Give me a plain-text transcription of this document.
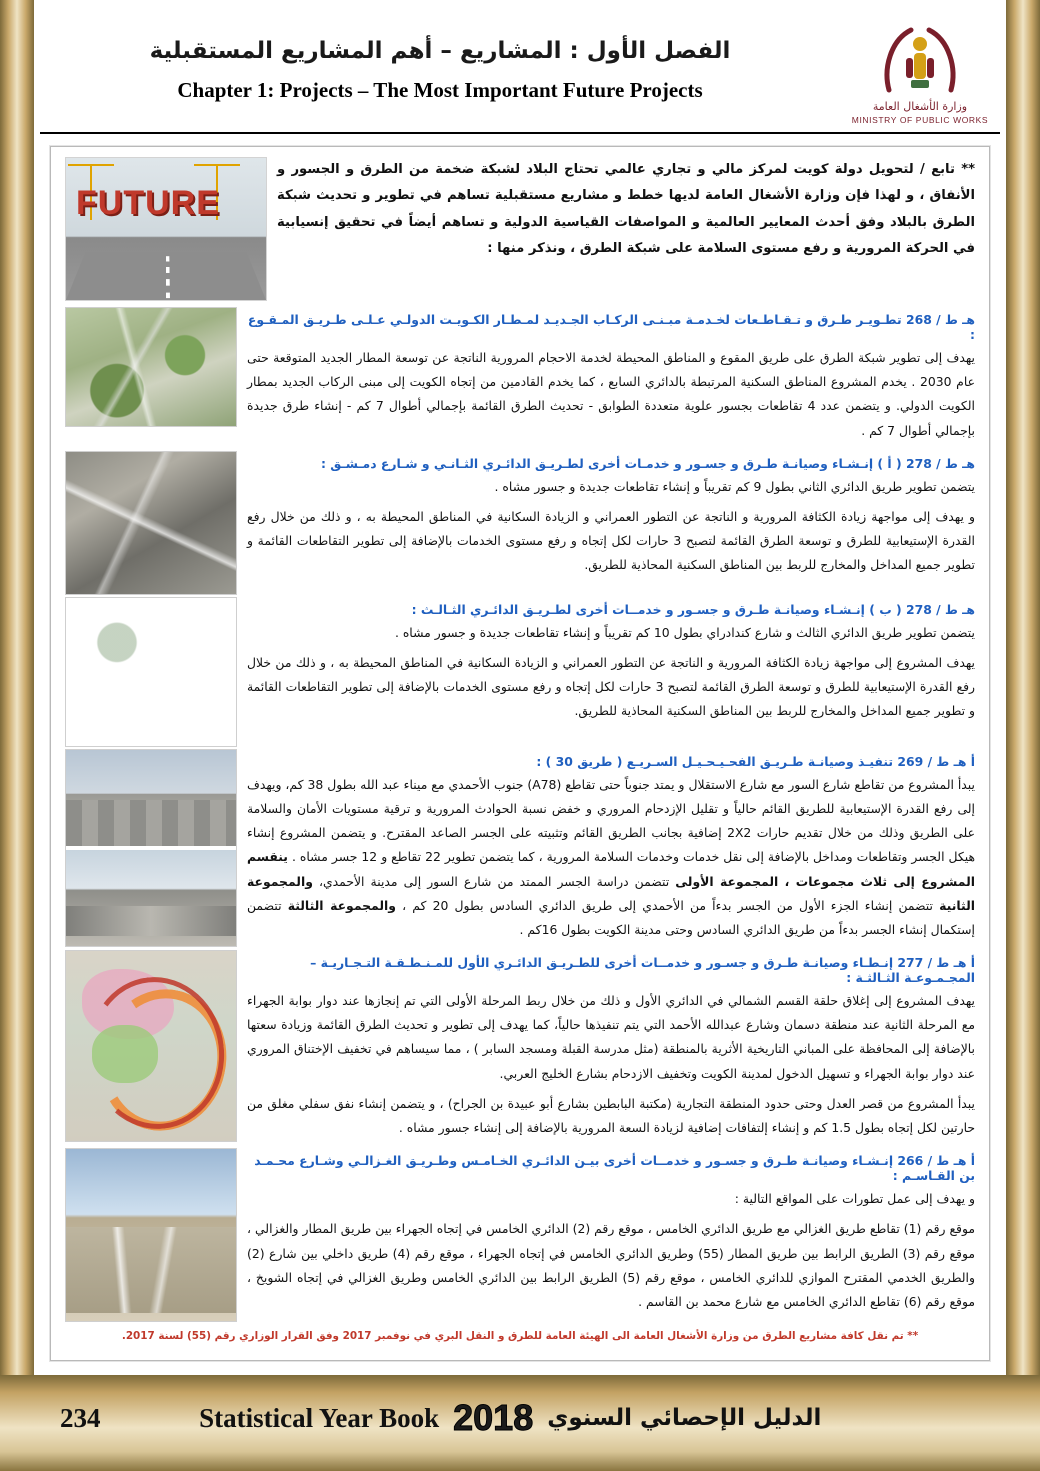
الفصل الأول : المشاريع – أهم المشاريع المستقبلية
Chapter 1: Projects – The Most Important Future Projects
وزارة الأشغال العامة
MINISTRY OF PUBLIC WORKS
** تابع / لتحويل دولة كويت لمركز مالي و تجاري عالمي تحتاج البلاد لشبكة ضخمة من الطرق و الجسور و الأنفاق ، و لهذا فإن وزارة الأشغال العامة لديها خطط و مشاريع مستقبلية تساهم في تطوير و تحديث شبكة الطرق بالبلاد وفق أحدث المعايير العالمية و المواصفات القياسية الدولية و تساهم أيضاً في تحقيق إنسيابية في الحركة المرورية و رفع مستوى السلامة على شبكة الطرق ، ونذكر منها :
FUTURE
هـ ط / 268 تطـويـر طـرق و تـقـاطـعات لخـدمـة مبـنـى الركـاب الجـديـد لمـطـار الكـويـت الدولـي عـلـى طـريـق المـقـوع :

يهدف إلى تطوير شبكة الطرق على طريق المقوع و المناطق المحيطة لخدمة الاحجام المرورية الناتجة عن توسعة المطار الجديد المتوقعة حتى عام 2030 . يخدم المشروع المناطق السكنية المرتبطة بالدائري السابع ، كما يخدم القادمين من إتجاه الكويت إلى مبنى الركاب الجديد بمطار الكويت الدولي. و يتضمن عدد 4 تقاطعات بجسور علوية متعددة الطوابق - تحديث الطرق القائمة بإجمالي أطوال 7 كم - إنشاء طرق جديدة بإجمالي أطوال 7 كم .

هـ ط / 278 ( أ ) إنـشـاء وصيانـة طـرق و جسـور و خدمـات أخرى لطـريـق الدائـري الثـانـي و شـارع دمـشـق :

يتضمن تطوير طريق الدائري الثاني بطول 9 كم تقريباً و إنشاء تقاطعات جديدة و جسور مشاه .

و يهدف إلى مواجهة زيادة الكثافة المرورية و الناتجة عن التطور العمراني و الزيادة السكانية في المناطق المحيطة به ، و ذلك من خلال رفع القدرة الإستيعابية للطرق و توسعة الطرق القائمة لتصبح 3 حارات لكل إتجاه و رفع مستوى الخدمات بالإضافة إلى تطوير التقاطعات القائمة و تطوير جميع المداخل والمخارج للربط بين المناطق السكنية المحاذية للطريق.

هـ ط / 278 ( ب ) إنـشـاء وصيانـة طـرق و جسـور و خدمــات أخرى لطـريـق الدائـري الثـالـث :

يتضمن تطوير طريق الدائري الثالث و شارع كندادراي بطول 10 كم تقريباً و إنشاء تقاطعات جديدة و جسور مشاه .

يهدف المشروع إلى مواجهة زيادة الكثافة المرورية و الناتجة عن التطور العمراني و الزيادة السكانية في المناطق المحيطة به ، و ذلك من خلال رفع القدرة الإستيعابية للطرق و توسعة الطرق القائمة لتصبح 3 حارات لكل إتجاه و رفع مستوى الخدمات بالإضافة إلى تطوير التقاطعات القائمة و تطوير جميع المداخل والمخارج للربط بين المناطق السكنية المحاذية للطريق.

أ هـ ط / 269 تنفيـذ وصيانـة طـريـق الفحـيـحـيـل السـريـع ( طريق 30 ) :

يبدأ المشروع من تقاطع شارع السور مع شارع الاستقلال و يمتد جنوباً حتى تقاطع (A78) جنوب الأحمدي مع ميناء عبد الله بطول 38 كم، ويهدف إلى رفع القدرة الإستيعابية للطريق القائم حالياً و تقليل الإزدحام المروري و خفض نسبة الحوادث المرورية و ترقية مستويات الأمان والسلامة على الطريق وذلك من خلال تقديم حارات 2X2 إضافية بجانب الطريق القائم وتثبيته على الجسر الصاعد المقترح. و يتضمن المشروع إنشاء هيكل الجسر وتقاطعات ومداخل بالإضافة إلى نقل خدمات وخدمات السلامة المرورية ، كما يتضمن تطوير 22 تقاطع و 12 جسر مشاه . ينقسم المشروع إلى ثلاث مجموعات ، المجموعة الأولى تتضمن دراسة الجسر الممتد من شارع السور إلى مدينة الأحمدي، والمجموعة الثانية تتضمن إنشاء الجزء الأول من الجسر بدءاً من الأحمدي إلى طريق الدائري السادس بطول 20 كم ، والمجموعة الثالثة تتضمن إستكمال إنشاء الجسر بدءاً من طريق الدائري السادس وحتى مدينة الكويت بطول 16كم .

أ هـ ط / 277 إنـطـاء وصيانـة طـرق و جسـور و خدمــات أخرى للطـريـق الدائـري الأول للمـنـطـقـة التـجـاريـة – المجـمـوعـة الثـالثـة :

يهدف المشروع إلى إغلاق حلقة القسم الشمالي في الدائري الأول و ذلك من خلال ربط المرحلة الأولى التي تم إنجازها عند دوار بوابة الجهراء مع المرحلة الثانية عند منطقة دسمان وشارع عبدالله الأحمد التي يتم تنفيذها حالياً، كما يهدف إلى تطوير و تحديث الطرق القائمة وزيادة سعتها بالإضافة إلى المحافظة على المباني التاريخية الأثرية بالمنطقة (مثل مدرسة القبلة ومسجد السابر ) ، مما سيساهم في تخفيف الإختناق المروري عند دوار بوابة الجهراء و تسهيل الدخول لمدينة الكويت وتخفيف الازدحام بشارع الخليج العربي.

يبدأ المشروع من قصر العدل وحتى حدود المنطقة التجارية (مكتبة البابطين بشارع أبو عبيدة بن الجراح) ، و يتضمن إنشاء نفق سفلي مغلق من حارتين لكل إتجاه بطول 1.5 كم و إنشاء إلتفافات إضافية لزيادة السعة المرورية بالإضافة إلى إنشاء جسور مشاه .

أ هـ ط / 266 إنـشـاء وصيانـة طـرق و جسـور و خدمــات أخرى بيـن الدائـري الخـامـس وطـريـق الغـزالـي وشـارع محـمـد بن القـاسـم :

و يهدف إلى عمل تطورات على المواقع التالية :

موقع رقم (1) تقاطع طريق الغزالي مع طريق الدائري الخامس ، موقع رقم (2) الدائري الخامس في إتجاه الجهراء بين طريق المطار والغزالي ، موقع رقم (3) الطريق الرابط بين طريق المطار (55) وطريق الدائري الخامس في إتجاه الجهراء ، موقع رقم (4) طريق داخلي بين شارع (2) والطريق الخدمي المقترح الموازي للدائري الخامس ، موقع رقم (5) الطريق الرابط بين الدائري الخامس وطريق الغزالي في إتجاه الشويخ ، موقع رقم (6) تقاطع الدائري الخامس مع شارع محمد بن القاسم .

** تم نقل كافة مشاريع الطرق من وزارة الأشغال العامة الى الهيئة العامة للطرق و النقل البري في نوفمبر 2017 وفق القرار الوزاري رقم (55) لسنة 2017.
234	Statistical Year Book 2018 الدليل الإحصائي السنوي
